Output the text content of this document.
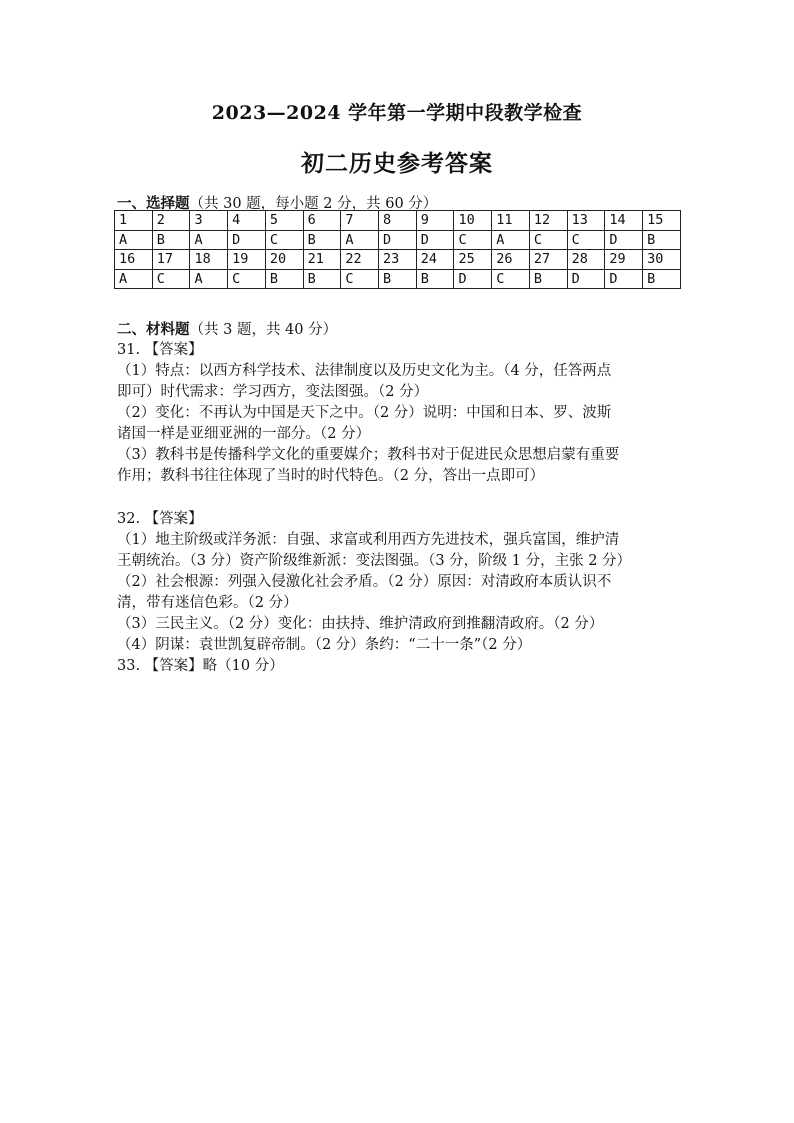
2023—2024 学年第一学期中段教学检查
初二历史参考答案
一、选择题（共 30 题，每小题 2 分，共 60 分）
1	2	3	4	5	6	7	8	9	10	11	12	13	14	15
A	B	A	D	C	B	A	D	D	C	A	C	C	D	B
16	17	18	19	20	21	22	23	24	25	26	27	28	29	30
A	C	A	C	B	B	C	B	B	D	C	B	D	D	B
二、材料题（共 3 题，共 40 分）
31. 【答案】
（1）特点：以西方科学技术、法律制度以及历史文化为主。（4 分，任答两点
即可）时代需求：学习西方，变法图强。（2 分）
（2）变化：不再认为中国是天下之中。（2 分）说明：中国和日本、罗、波斯
诸国一样是亚细亚洲的一部分。（2 分）
（3）教科书是传播科学文化的重要媒介；教科书对于促进民众思想启蒙有重要
作用；教科书往往体现了当时的时代特色。（2 分，答出一点即可）
32. 【答案】
（1）地主阶级或洋务派：自强、求富或利用西方先进技术，强兵富国，维护清
王朝统治。（3 分）资产阶级维新派：变法图强。（3 分，阶级 1 分，主张 2 分）
（2）社会根源：列强入侵激化社会矛盾。（2 分）原因：对清政府本质认识不
清，带有迷信色彩。（2 分）
（3）三民主义。（2 分）变化：由扶持、维护清政府到推翻清政府。（2 分）
（4）阴谋：袁世凯复辟帝制。（2 分）条约：“二十一条”（2 分）
33. 【答案】略（10 分）
